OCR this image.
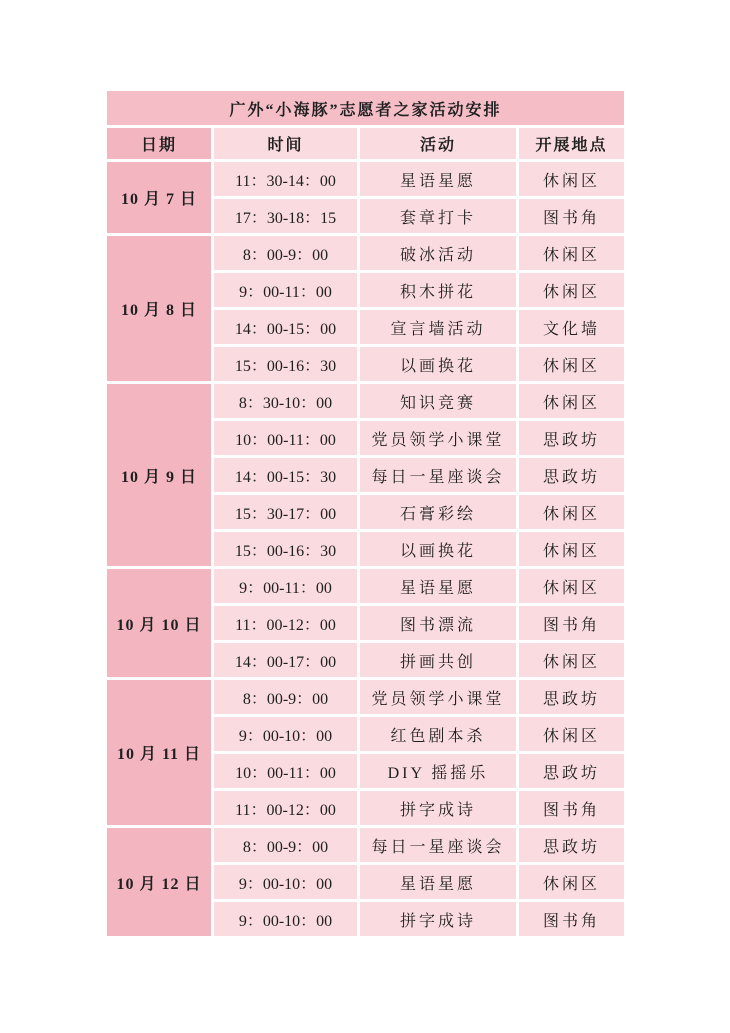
广外“小海豚”志愿者之家活动安排			
日期	时间	活动	开展地点
10 月 7 日	11：30-14：00	星语星愿	休闲区
	17：30-18：15	套章打卡	图书角
10 月 8 日	8：00-9：00	破冰活动	休闲区
	9：00-11：00	积木拼花	休闲区
	14：00-15：00	宣言墙活动	文化墙
	15：00-16：30	以画换花	休闲区
10 月 9 日	8：30-10：00	知识竞赛	休闲区
	10：00-11：00	党员领学小课堂	思政坊
	14：00-15：30	每日一星座谈会	思政坊
	15：30-17：00	石膏彩绘	休闲区
	15：00-16：30	以画换花	休闲区
10 月 10 日	9：00-11：00	星语星愿	休闲区
	11：00-12：00	图书漂流	图书角
	14：00-17：00	拼画共创	休闲区
10 月 11 日	8：00-9：00	党员领学小课堂	思政坊
	9：00-10：00	红色剧本杀	休闲区
	10：00-11：00	DIY 摇摇乐	思政坊
	11：00-12：00	拼字成诗	图书角
10 月 12 日	8：00-9：00	每日一星座谈会	思政坊
	9：00-10：00	星语星愿	休闲区
	9：00-10：00	拼字成诗	图书角
